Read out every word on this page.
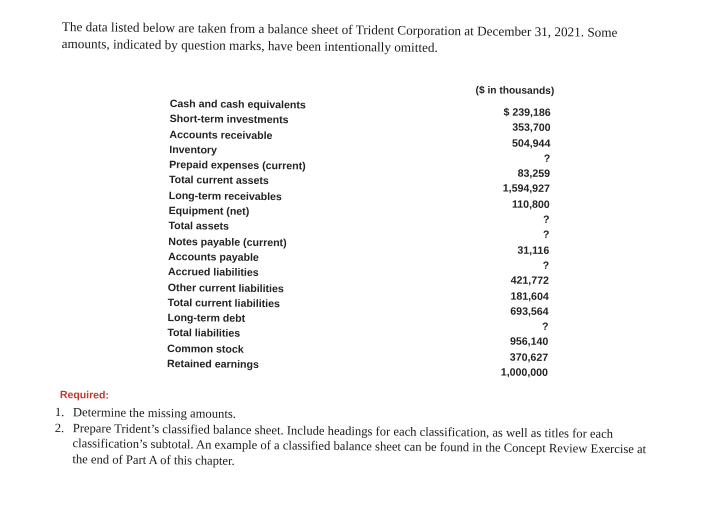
The data listed below are taken from a balance sheet of Trident Corporation at December 31, 2021. Some amounts, indicated by question marks, have been intentionally omitted.
($ in thousands)
Cash and cash equivalents
Short-term investments
Accounts receivable
Inventory
Prepaid expenses (current)
Total current assets
Long-term receivables
Equipment (net)
Total assets
Notes payable (current)
Accounts payable
Accrued liabilities
Other current liabilities
Total current liabilities
Long-term debt
Total liabilities
Common stock
Retained earnings
$ 239,186
353,700
504,944
?
83,259
1,594,927
110,800
?
?
31,116
?
421,772
181,604
693,564
?
956,140
370,627
1,000,000
Required:
1. Determine the missing amounts.
2. Prepare Trident’s classified balance sheet. Include headings for each classification, as well as titles for each classification’s subtotal. An example of a classified balance sheet can be found in the Concept Review Exercise at the end of Part A of this chapter.
